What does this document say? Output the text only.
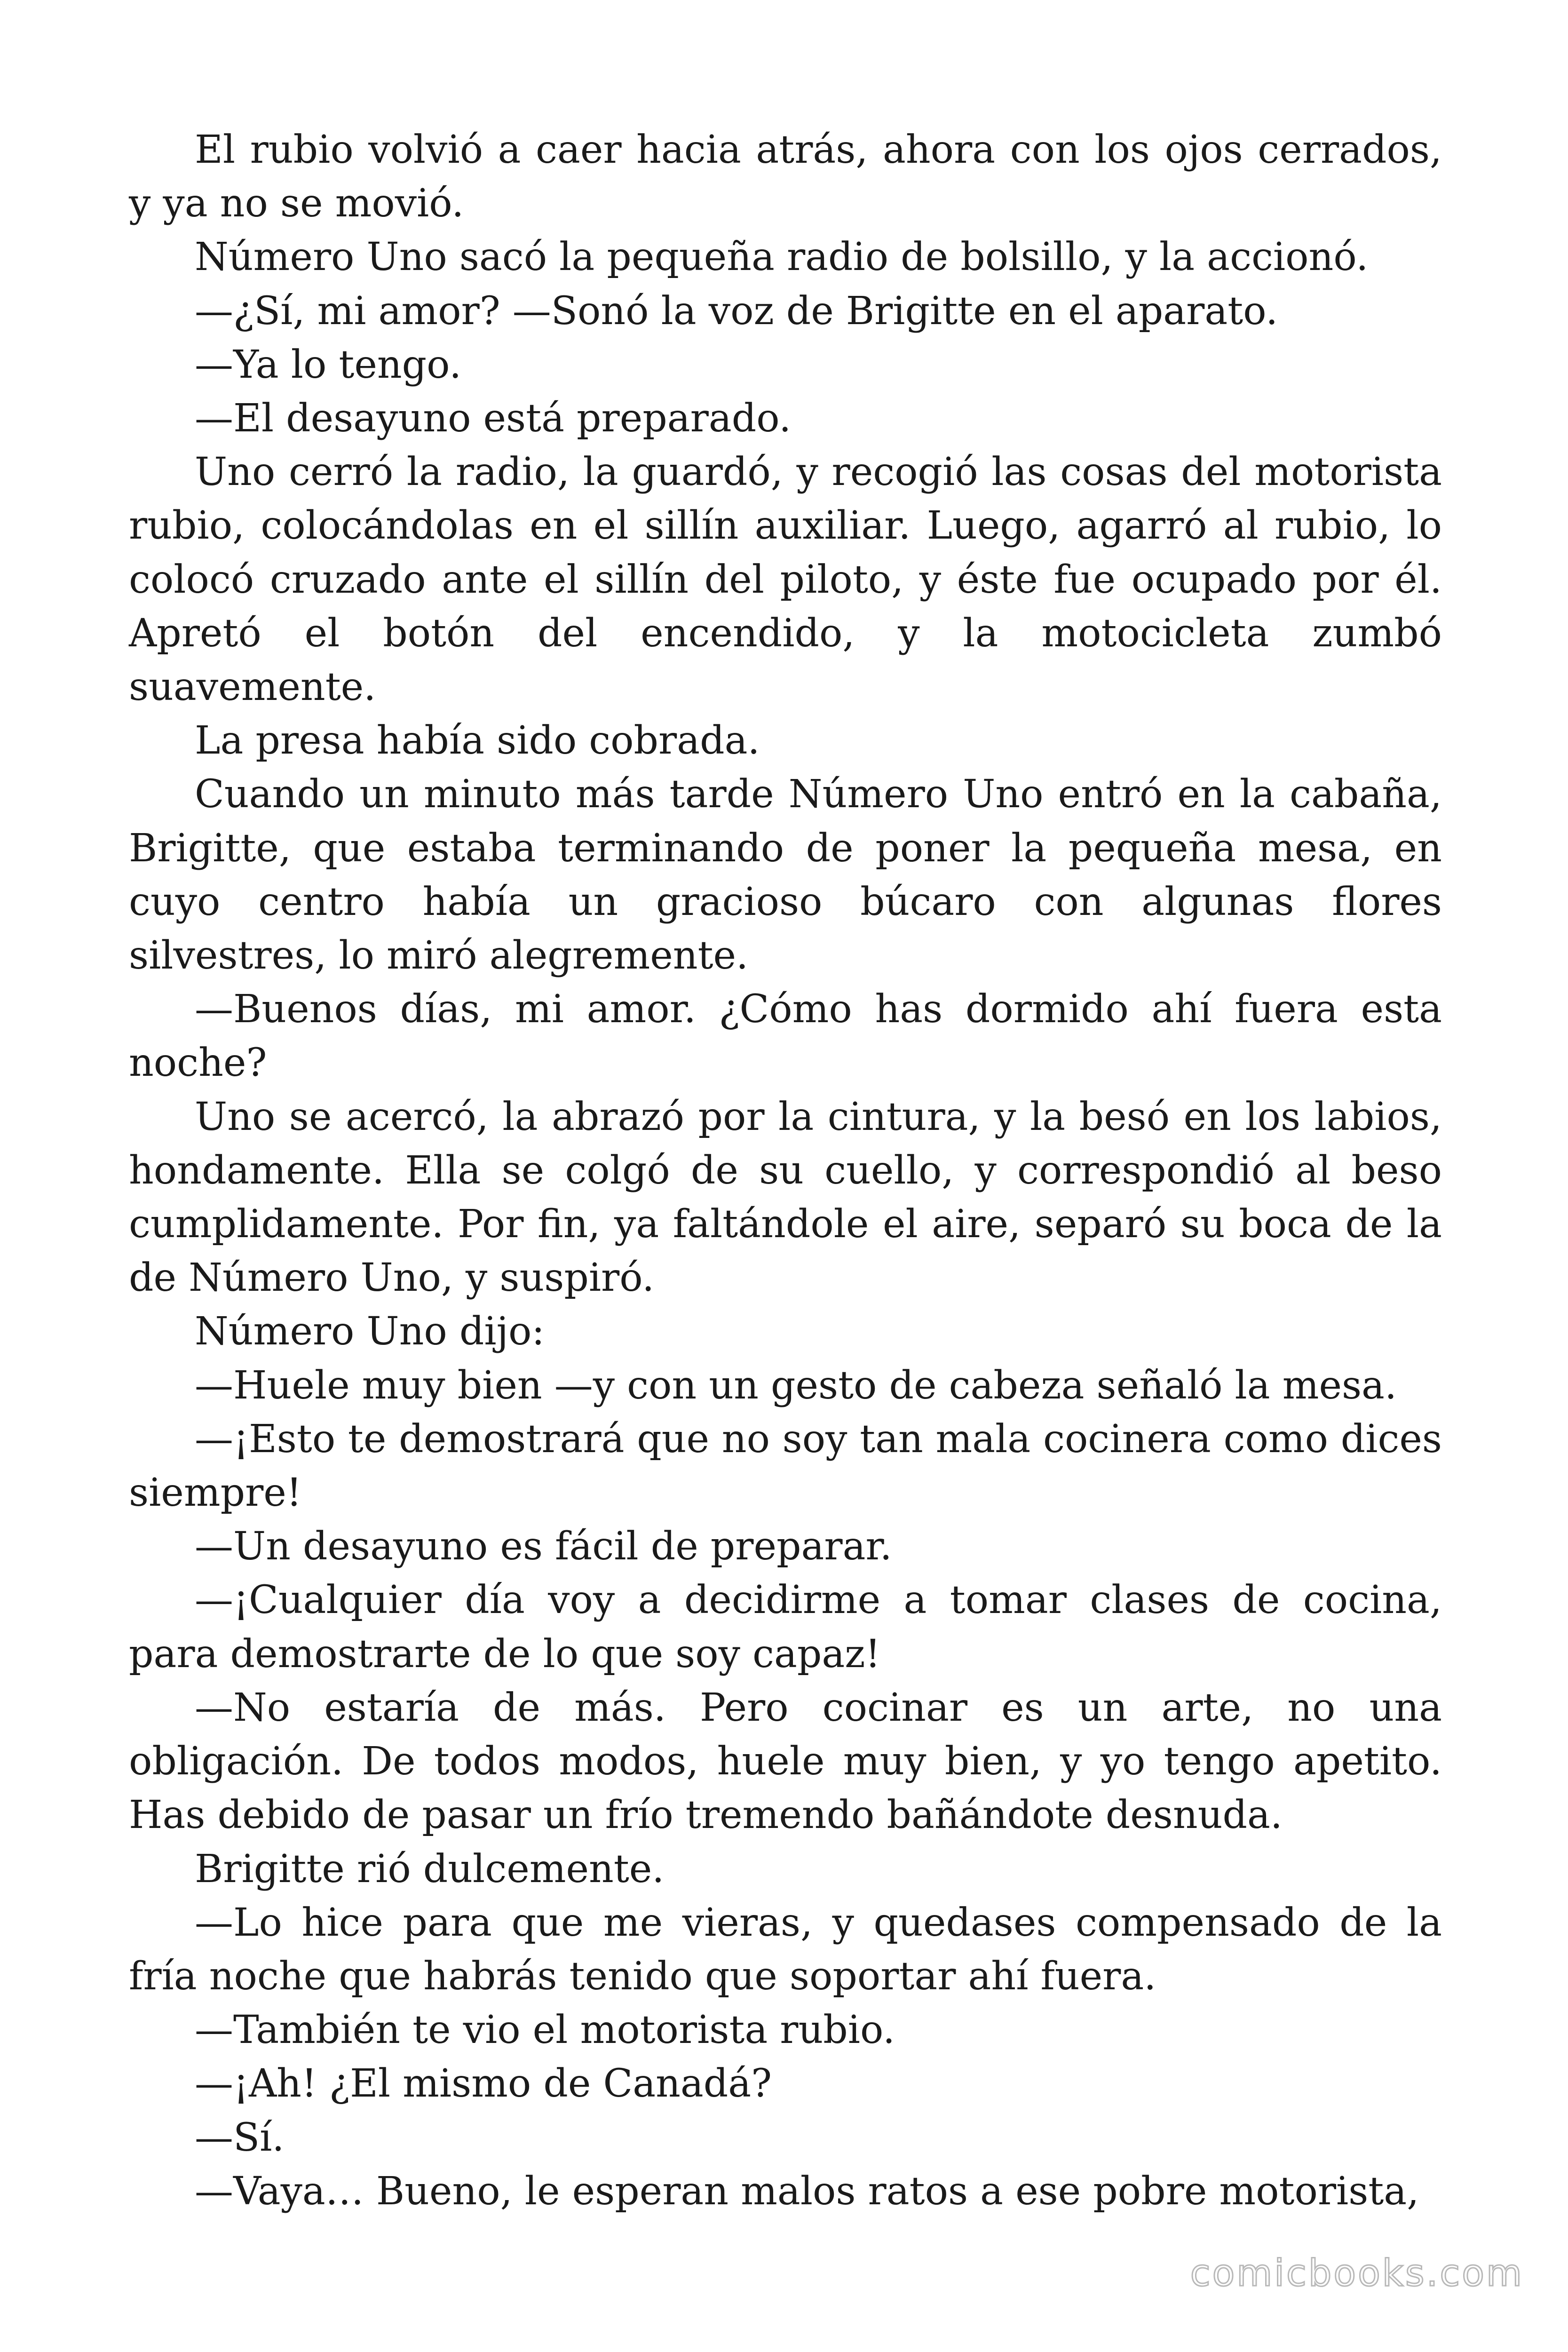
El rubio volvió a caer hacia atrás, ahora con los ojos cerrados, y ya no se movió.

Número Uno sacó la pequeña radio de bolsillo, y la accionó.

—¿Sí, mi amor? —Sonó la voz de Brigitte en el aparato.

—Ya lo tengo.

—El desayuno está preparado.

Uno cerró la radio, la guardó, y recogió las cosas del motorista rubio, colocándolas en el sillín auxiliar. Luego, agarró al rubio, lo colocó cruzado ante el sillín del piloto, y éste fue ocupado por él. Apretó el botón del encendido, y la motocicleta zumbó suavemente.

La presa había sido cobrada.

Cuando un minuto más tarde Número Uno entró en la cabaña, Brigitte, que estaba terminando de poner la pequeña mesa, en cuyo centro había un gracioso búcaro con algunas flores silvestres, lo miró alegremente.

—Buenos días, mi amor. ¿Cómo has dormido ahí fuera esta noche?

Uno se acercó, la abrazó por la cintura, y la besó en los labios, hondamente. Ella se colgó de su cuello, y correspondió al beso cumplidamente. Por fin, ya faltándole el aire, separó su boca de la de Número Uno, y suspiró.

Número Uno dijo:

—Huele muy bien —y con un gesto de cabeza señaló la mesa.

—¡Esto te demostrará que no soy tan mala cocinera como dices siempre!

—Un desayuno es fácil de preparar.

—¡Cualquier día voy a decidirme a tomar clases de cocina, para demostrarte de lo que soy capaz!

—No estaría de más. Pero cocinar es un arte, no una obligación. De todos modos, huele muy bien, y yo tengo apetito. Has debido de pasar un frío tremendo bañándote desnuda.

Brigitte rió dulcemente.

—Lo hice para que me vieras, y quedases compensado de la fría noche que habrás tenido que soportar ahí fuera.

—También te vio el motorista rubio.

—¡Ah! ¿El mismo de Canadá?

—Sí.

—Vaya… Bueno, le esperan malos ratos a ese pobre motorista,

comicbooks.com
